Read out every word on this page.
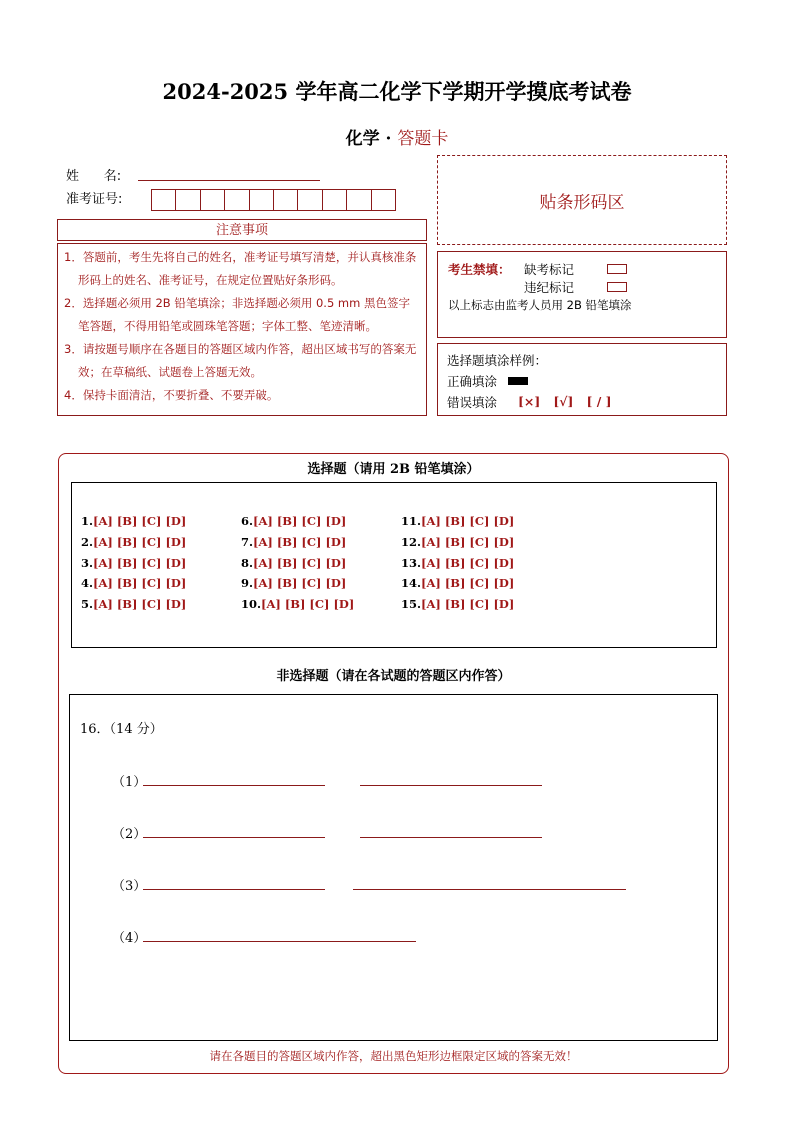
2024-2025 学年高二化学下学期开学摸底考试卷
化学 · 答题卡
姓      名:
准考证号:	贴条形码区
注意事项
1．答题前，考生先将自己的姓名，准考证号填写清楚，并认真核准条形码上的姓名、准考证号，在规定位置贴好条形码。
2．选择题必须用 2B 铅笔填涂；非选择题必须用 0.5 mm 黑色签字笔答题，不得用铅笔或圆珠笔答题；字体工整、笔迹清晰。
3．请按题号顺序在各题目的答题区域内作答，超出区域书写的答案无效；在草稿纸、试题卷上答题无效。
4．保持卡面清洁，不要折叠、不要弄破。
考生禁填： 缺考标记
违纪标记
以上标志由监考人员用 2B 铅笔填涂
选择题填涂样例：
正确填涂
错误填涂 [×]   [√]   [ / ]
选择题（请用 2B 铅笔填涂）
1.[A] [B] [C] [D]
2.[A] [B] [C] [D]
3.[A] [B] [C] [D]
4.[A] [B] [C] [D]
5.[A] [B] [C] [D]
6.[A] [B] [C] [D]
7.[A] [B] [C] [D]
8.[A] [B] [C] [D]
9.[A] [B] [C] [D]
10.[A] [B] [C] [D]
11.[A] [B] [C] [D]
12.[A] [B] [C] [D]
13.[A] [B] [C] [D]
14.[A] [B] [C] [D]
15.[A] [B] [C] [D]
非选择题（请在各试题的答题区内作答）
16．（14 分）
（1）
（2）
（3）
（4）
请在各题目的答题区域内作答，超出黑色矩形边框限定区域的答案无效！
